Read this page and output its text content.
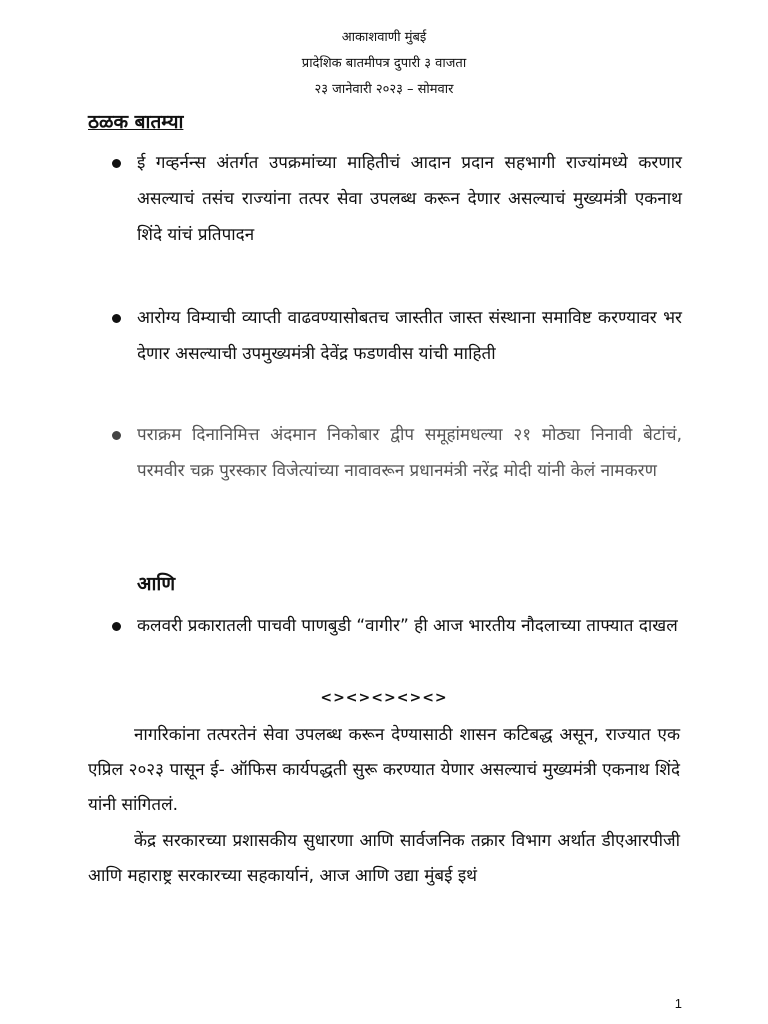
आकाशवाणी मुंबई
प्रादेशिक बातमीपत्र दुपारी ३ वाजता
२३ जानेवारी २०२३ – सोमवार
ठळक बातम्या
ई गव्हर्नन्स अंतर्गत उपक्रमांच्या माहितीचं आदान प्रदान सहभागी राज्यांमध्ये करणार असल्याचं तसंच राज्यांना तत्पर सेवा उपलब्ध करून देणार असल्याचं मुख्यमंत्री एकनाथ शिंदे यांचं प्रतिपादन
आरोग्य विम्याची व्याप्ती वाढवण्यासोबतच जास्तीत जास्त संस्थाना समाविष्ट करण्यावर भर देणार असल्याची उपमुख्यमंत्री देवेंद्र फडणवीस यांची माहिती
पराक्रम दिनानिमित्त अंदमान निकोबार द्वीप समूहांमधल्या २१ मोठ्या निनावी बेटांचं, परमवीर चक्र पुरस्कार विजेत्यांच्या नावावरून प्रधानमंत्री नरेंद्र मोदी यांनी केलं नामकरण
आणि
कलवरी प्रकारातली पाचवी पाणबुडी “वागीर” ही आज भारतीय नौदलाच्या ताफ्यात दाखल
<><><><><>
नागरिकांना तत्परतेनं सेवा उपलब्ध करून देण्यासाठी शासन कटिबद्ध असून, राज्यात एक एप्रिल २०२३ पासून ई- ऑफिस कार्यपद्धती सुरू करण्यात येणार असल्याचं मुख्यमंत्री एकनाथ शिंदे यांनी सांगितलं.
केंद्र सरकारच्या प्रशासकीय सुधारणा आणि सार्वजनिक तक्रार विभाग अर्थात डीएआरपीजी आणि महाराष्ट्र सरकारच्या सहकार्यानं, आज आणि उद्या मुंबई इथं
1
